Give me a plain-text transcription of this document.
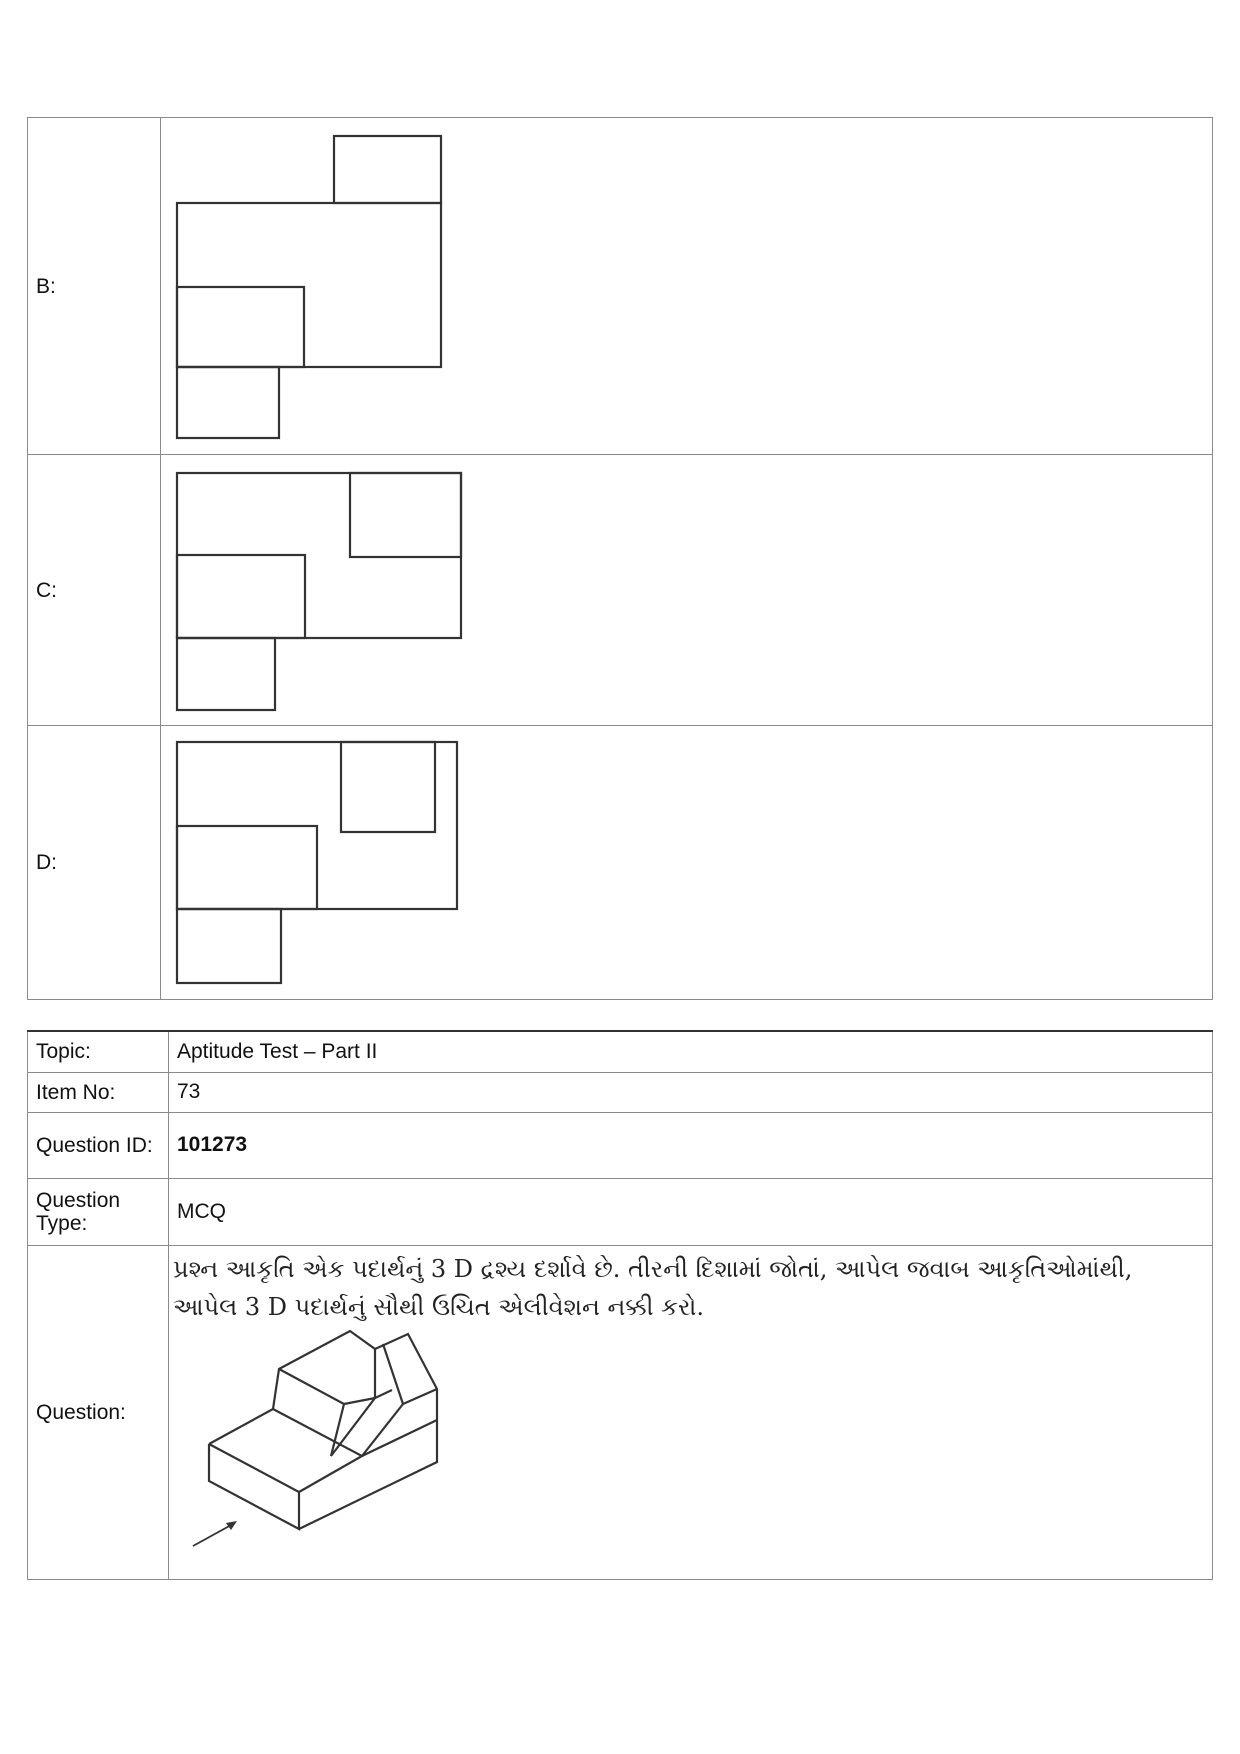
B:	

C:	

D:	
Topic:	Aptitude Test – Part II
Item No:	73
Question ID:	101273
Question Type:	MCQ
Question:	પ્રશ્ન આકૃતિ એક પદાર્થનું 3 D દ્રશ્ય દર્શાવે છે. તીરની દિશામાં જોતાં, આપેલ જવાબ આકૃતિઓમાંથી, આપેલ 3 D પદાર્થનું સૌથી ઉચિત એલીવેશન નક્કી કરો.
